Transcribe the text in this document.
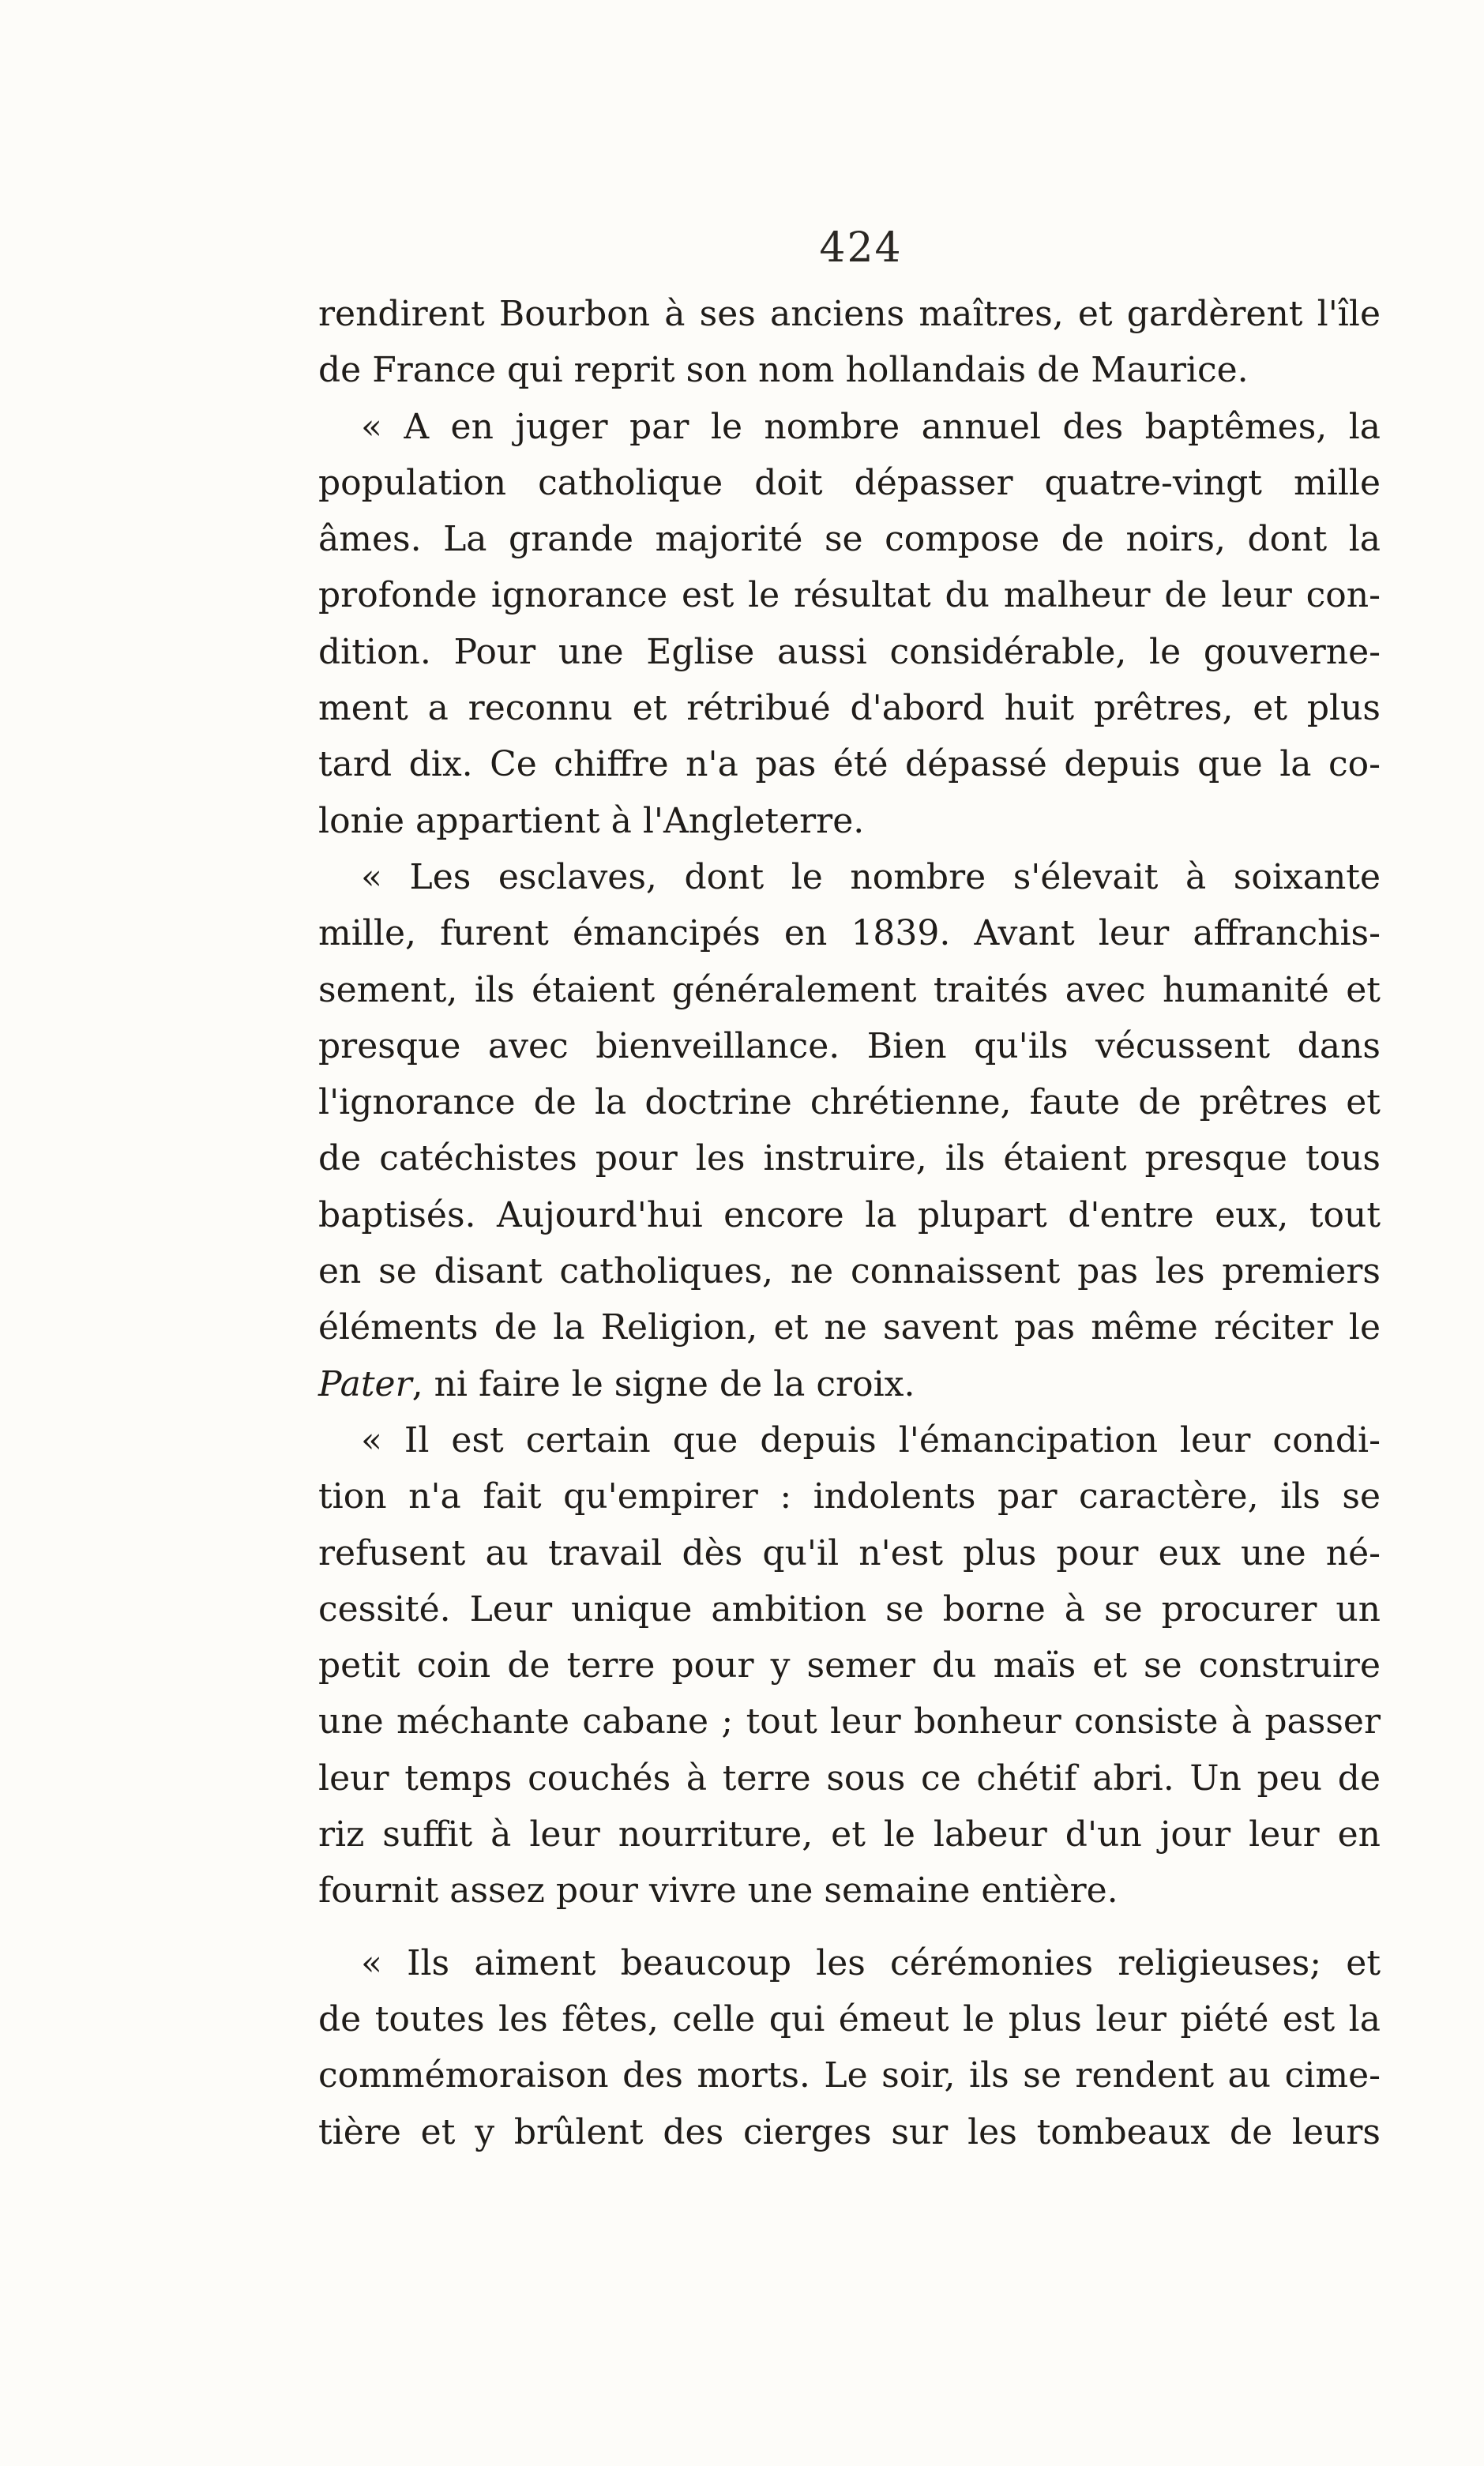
424
rendirent Bourbon à ses anciens maîtres, et gardèrent l'île
de France qui reprit son nom hollandais de Maurice.
« A en juger par le nombre annuel des baptêmes, la
population catholique doit dépasser quatre-vingt mille
âmes. La grande majorité se compose de noirs, dont la
profonde ignorance est le résultat du malheur de leur con-
dition. Pour une Eglise aussi considérable, le gouverne-
ment a reconnu et rétribué d'abord huit prêtres, et plus
tard dix. Ce chiffre n'a pas été dépassé depuis que la co-
lonie appartient à l'Angleterre.
« Les esclaves, dont le nombre s'élevait à soixante
mille, furent émancipés en 1839. Avant leur affranchis-
sement, ils étaient généralement traités avec humanité et
presque avec bienveillance. Bien qu'ils vécussent dans
l'ignorance de la doctrine chrétienne, faute de prêtres et
de catéchistes pour les instruire, ils étaient presque tous
baptisés. Aujourd'hui encore la plupart d'entre eux, tout
en se disant catholiques, ne connaissent pas les premiers
éléments de la Religion, et ne savent pas même réciter le
Pater, ni faire le signe de la croix.
« Il est certain que depuis l'émancipation leur condi-
tion n'a fait qu'empirer : indolents par caractère, ils se
refusent au travail dès qu'il n'est plus pour eux une né-
cessité. Leur unique ambition se borne à se procurer un
petit coin de terre pour y semer du maïs et se construire
une méchante cabane ; tout leur bonheur consiste à passer
leur temps couchés à terre sous ce chétif abri. Un peu de
riz suffit à leur nourriture, et le labeur d'un jour leur en
fournit assez pour vivre une semaine entière.
« Ils aiment beaucoup les cérémonies religieuses; et
de toutes les fêtes, celle qui émeut le plus leur piété est la
commémoraison des morts. Le soir, ils se rendent au cime-
tière et y brûlent des cierges sur les tombeaux de leurs
